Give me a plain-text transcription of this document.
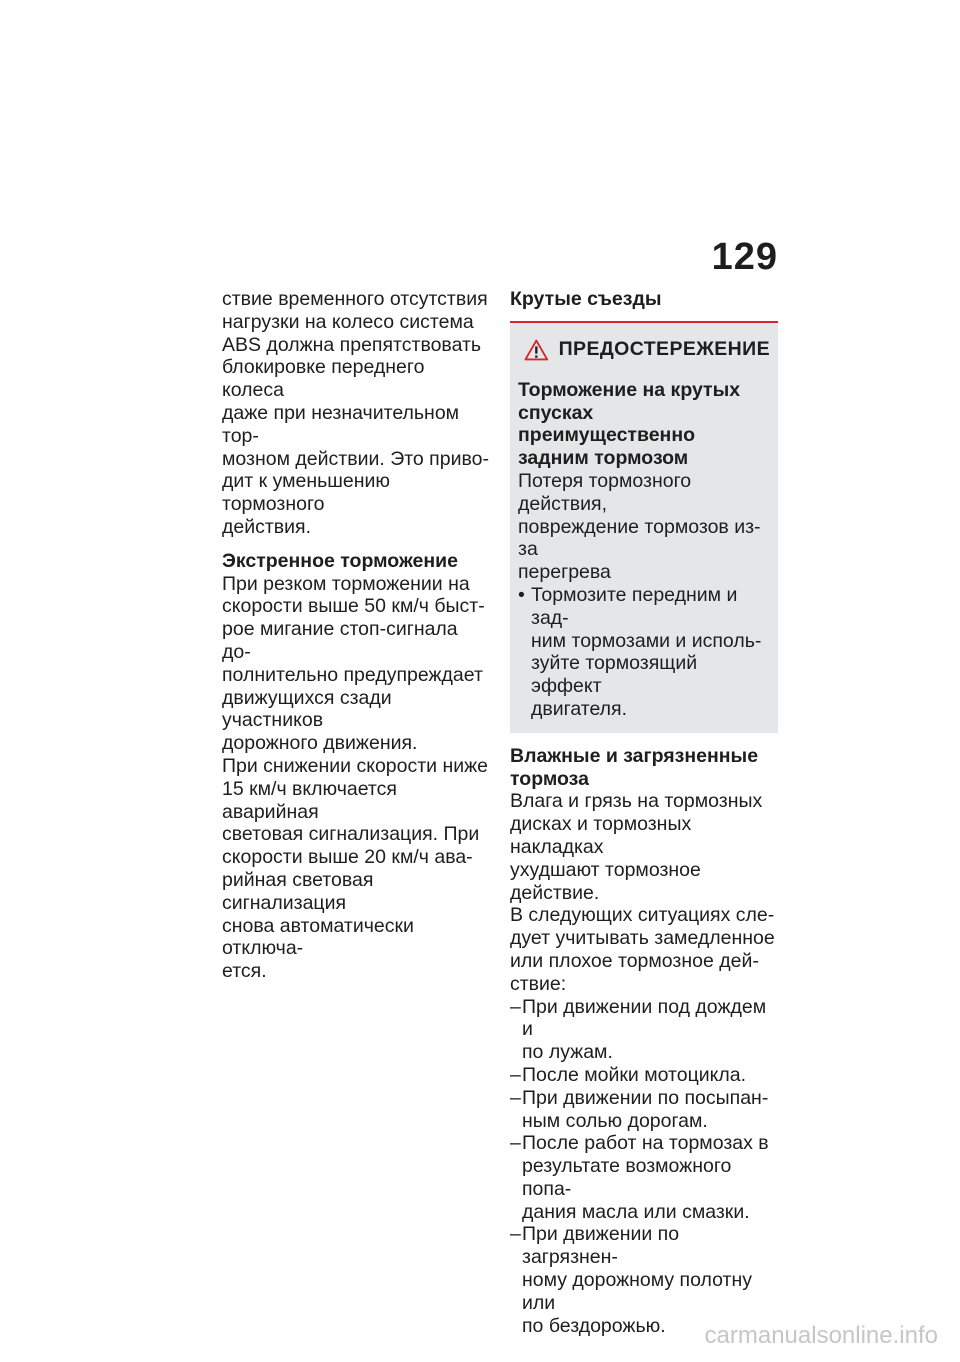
129

ствие временного отсутствия
нагрузки на колесо система
ABS должна препятствовать
блокировке переднего колеса
даже при незначительном тор-
мозном действии. Это приво-
дит к уменьшению тормозного
действия.

Экстренное торможение

При резком торможении на
скорости выше 50 км/ч быст-
рое мигание стоп-сигнала до-
полнительно предупреждает
движущихся сзади участников
дорожного движения.

При снижении скорости ниже
15 км/ч включается аварийная
световая сигнализация. При
скорости выше 20 км/ч ава-
рийная световая сигнализация
снова автоматически отключа-
ется.

Крутые съезды

ПРЕДОСТЕРЕЖЕНИЕ

Торможение на крутых
спусках преимущественно
задним тормозом

Потеря тормозного действия,
повреждение тормозов из-за
перегрева

• Тормозите передним и зад-
ним тормозами и исполь-
зуйте тормозящий эффект
двигателя.

Влажные и загрязненные
тормоза

Влага и грязь на тормозных
дисках и тормозных накладках
ухудшают тормозное действие.

В следующих ситуациях сле-
дует учитывать замедленное
или плохое тормозное дей-
ствие:

– При движении под дождем и
по лужам.
– После мойки мотоцикла.
– При движении по посыпан-
ным солью дорогам.
– После работ на тормозах в
результате возможного попа-
дания масла или смазки.
– При движении по загрязнен-
ному дорожному полотну или
по бездорожью.	carmanualsonline.info
